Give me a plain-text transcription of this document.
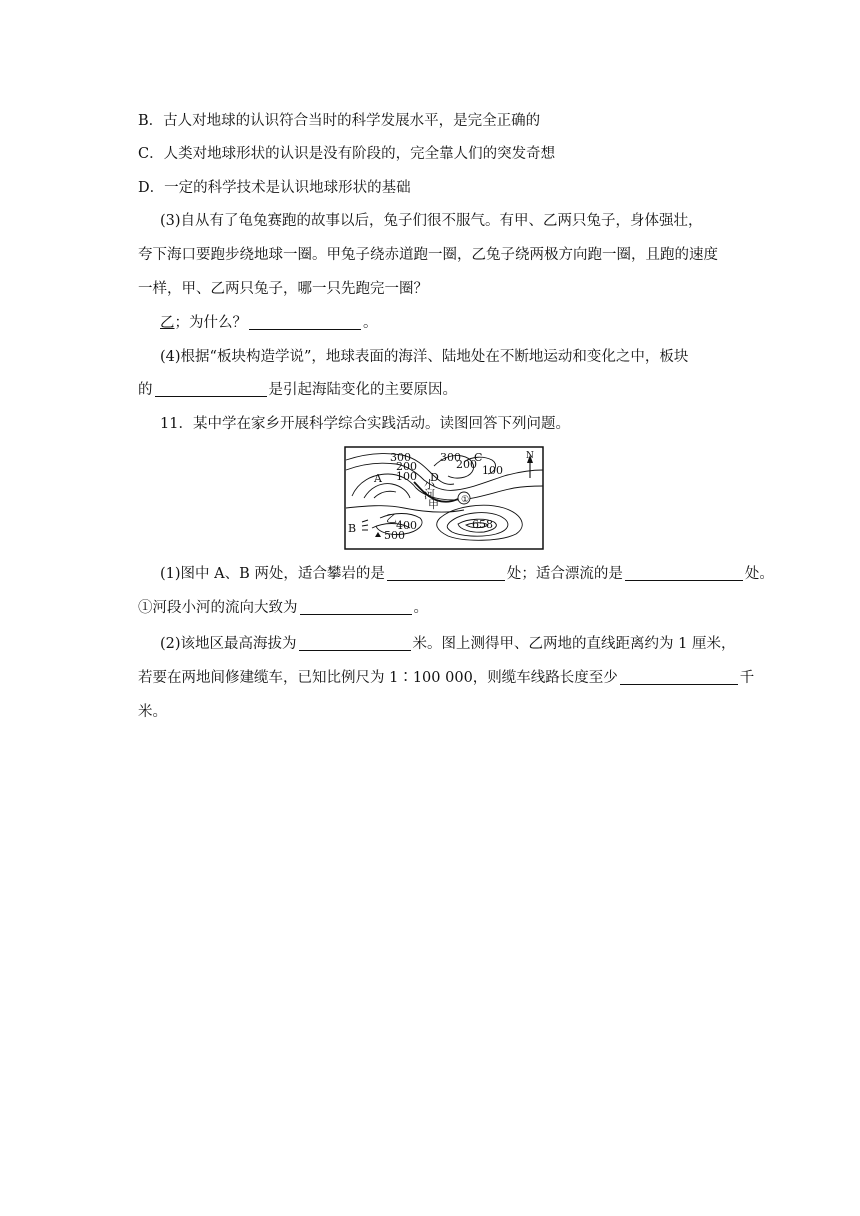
B．古人对地球的认识符合当时的科学发展水平，是完全正确的
C．人类对地球形状的认识是没有阶段的，完全靠人们的突发奇想
D．一定的科学技术是认识地球形状的基础
(3)自从有了龟兔赛跑的故事以后，兔子们很不服气。有甲、乙两只兔子，身体强壮，
夸下海口要跑步绕地球一圈。甲兔子绕赤道跑一圈，乙兔子绕两极方向跑一圈，且跑的速度
一样，甲、乙两只兔子，哪一只先跑完一圈？
乙；为什么？	。
(4)根据“板块构造学说”，地球表面的海洋、陆地处在不断地运动和变化之中，板块
的	是引起海陆变化的主要原因。
11．某中学在家乡开展科学综合实践活动。读图回答下列问题。
300
200
100
300
200 100
A
B
C
D
小
河	①
甲
乙
400
500
658
N
(1)图中 A、B 两处，适合攀岩的是	处；适合漂流的是	处。
①河段小河的流向大致为	。
(2)该地区最高海拔为	米。图上测得甲、乙两地的直线距离约为 1 厘米，
若要在两地间修建缆车，已知比例尺为 1∶100 000，则缆车线路长度至少	千
米。
